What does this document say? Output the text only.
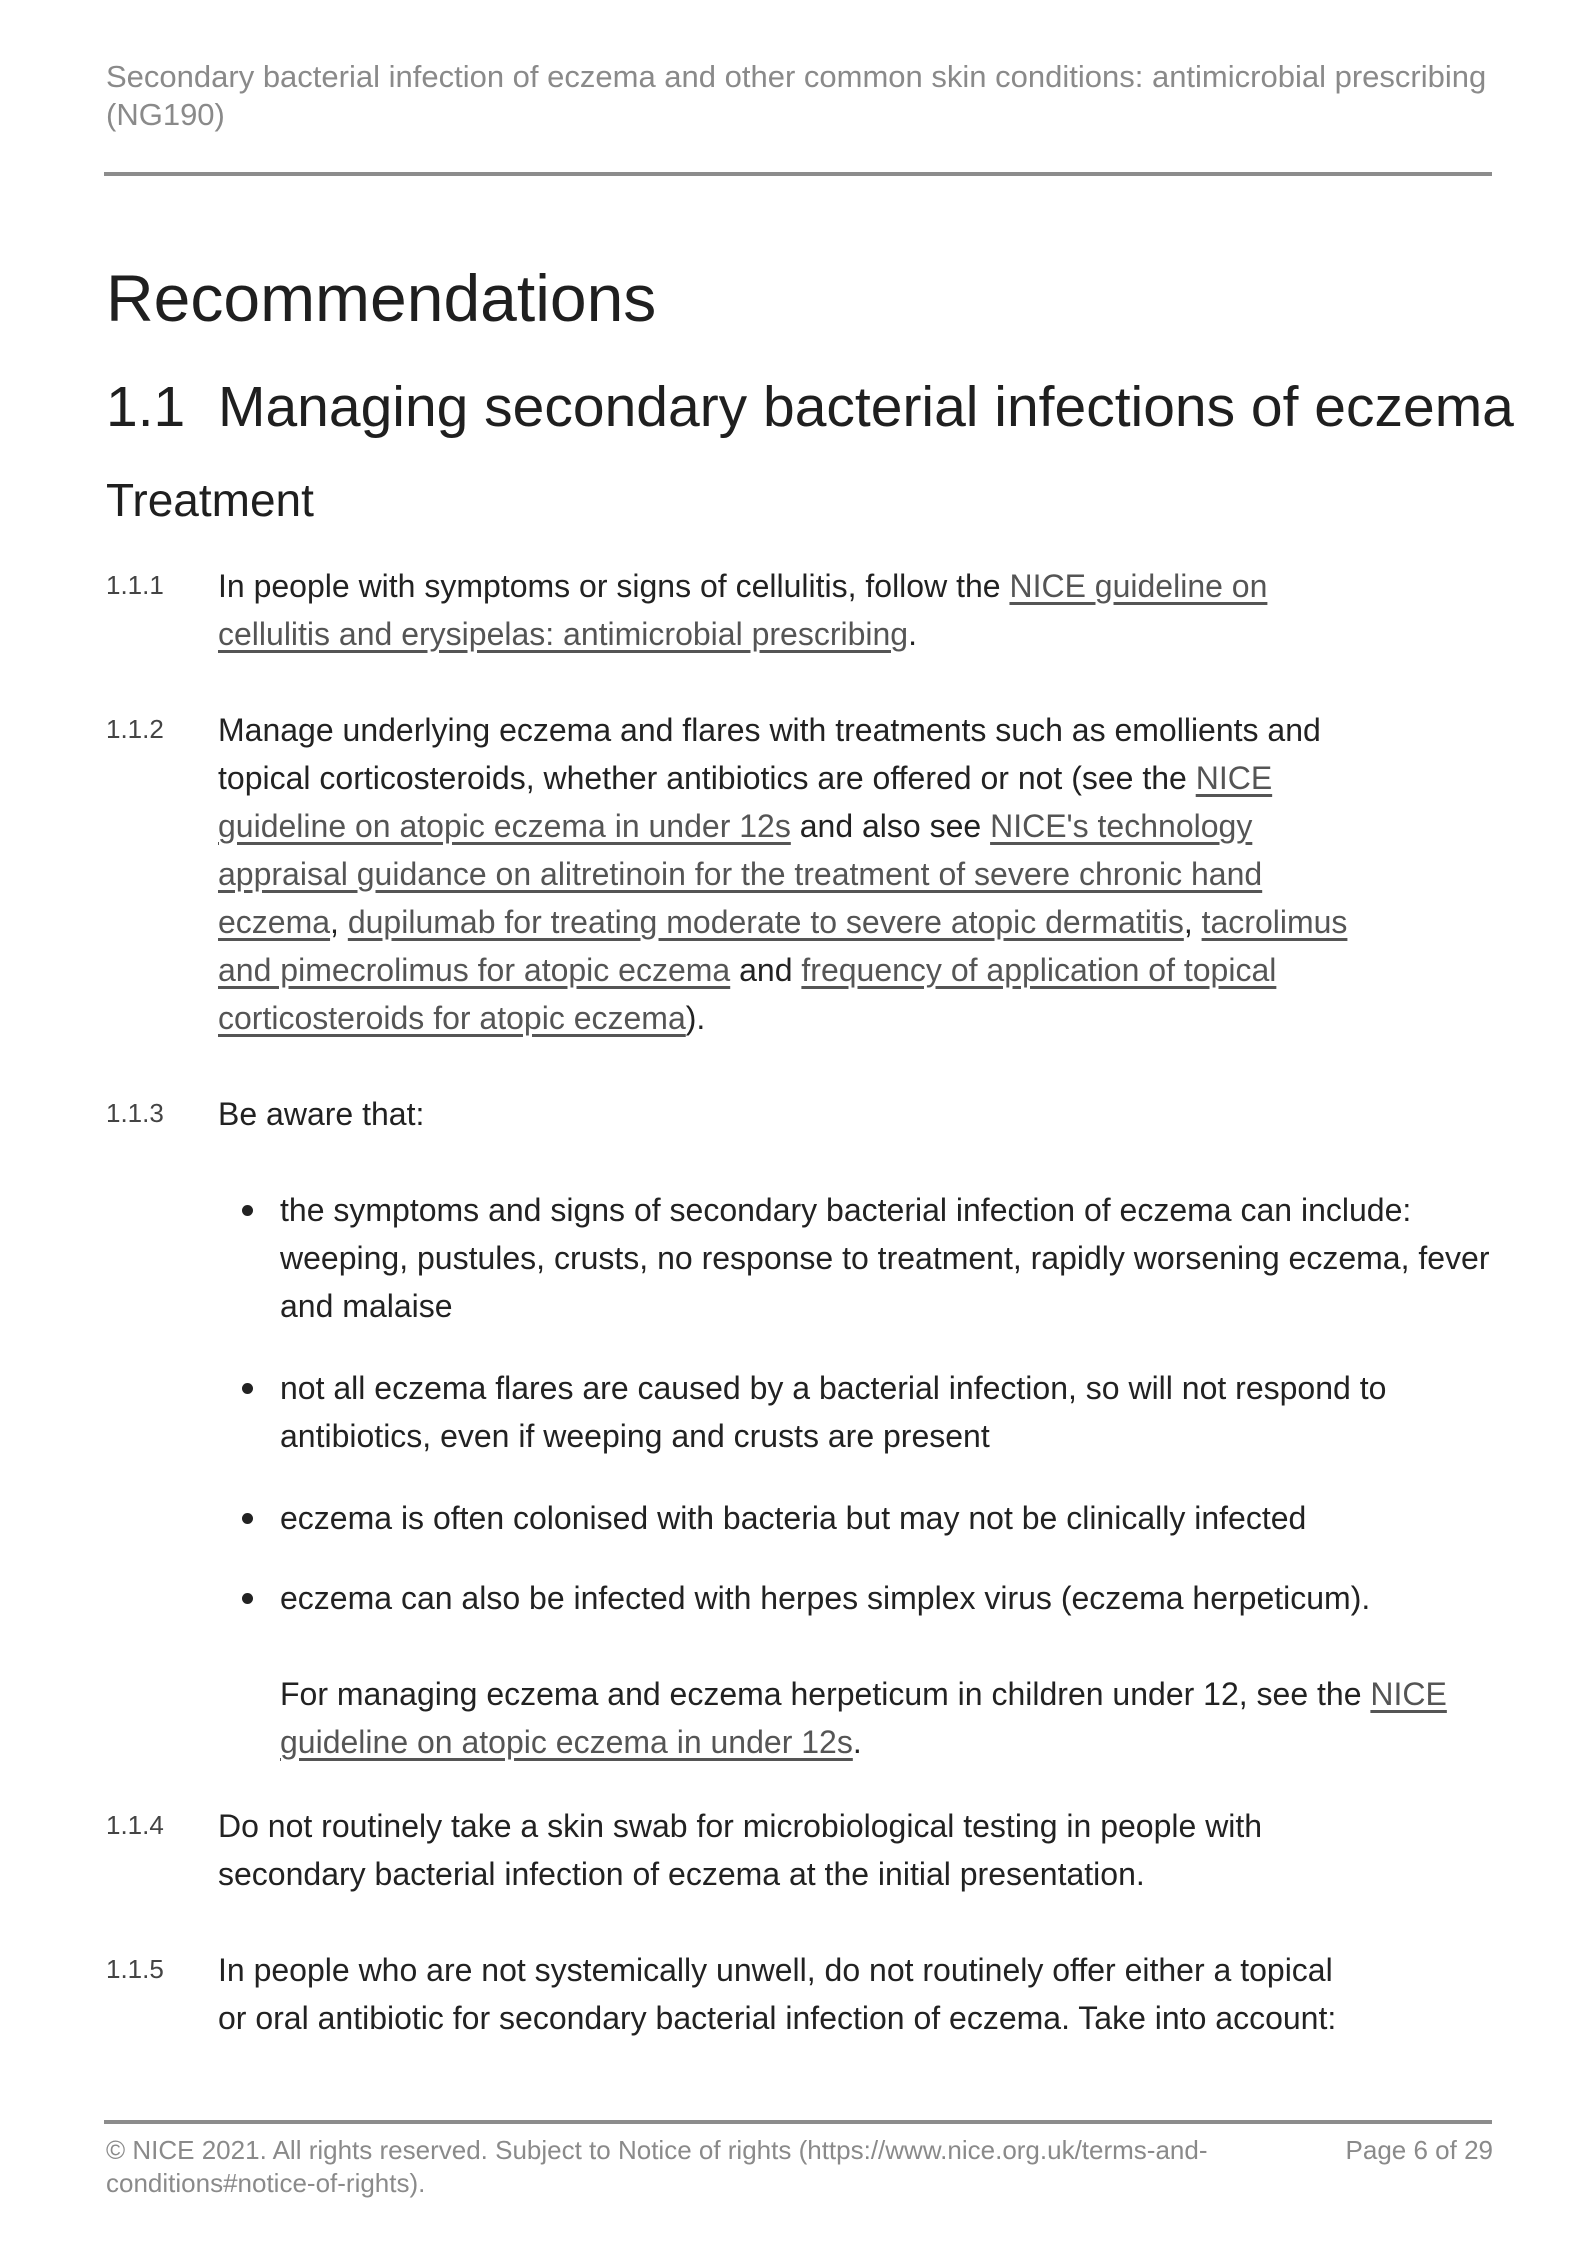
Secondary bacterial infection of eczema and other common skin conditions: antimicrobial prescribing (NG190)
Recommendations
1.1 Managing secondary bacterial infections of eczema
Treatment
1.1.1 In people with symptoms or signs of cellulitis, follow the NICE guideline on cellulitis and erysipelas: antimicrobial prescribing.
1.1.2 Manage underlying eczema and flares with treatments such as emollients and topical corticosteroids, whether antibiotics are offered or not (see the NICE guideline on atopic eczema in under 12s and also see NICE's technology appraisal guidance on alitretinoin for the treatment of severe chronic hand eczema, dupilumab for treating moderate to severe atopic dermatitis, tacrolimus and pimecrolimus for atopic eczema and frequency of application of topical corticosteroids for atopic eczema).
1.1.3 Be aware that:
the symptoms and signs of secondary bacterial infection of eczema can include: weeping, pustules, crusts, no response to treatment, rapidly worsening eczema, fever and malaise
not all eczema flares are caused by a bacterial infection, so will not respond to antibiotics, even if weeping and crusts are present
eczema is often colonised with bacteria but may not be clinically infected
eczema can also be infected with herpes simplex virus (eczema herpeticum).
For managing eczema and eczema herpeticum in children under 12, see the NICE guideline on atopic eczema in under 12s.
1.1.4 Do not routinely take a skin swab for microbiological testing in people with secondary bacterial infection of eczema at the initial presentation.
1.1.5 In people who are not systemically unwell, do not routinely offer either a topical or oral antibiotic for secondary bacterial infection of eczema. Take into account:
© NICE 2021. All rights reserved. Subject to Notice of rights (https://www.nice.org.uk/terms-and-conditions#notice-of-rights).
Page 6 of 29
